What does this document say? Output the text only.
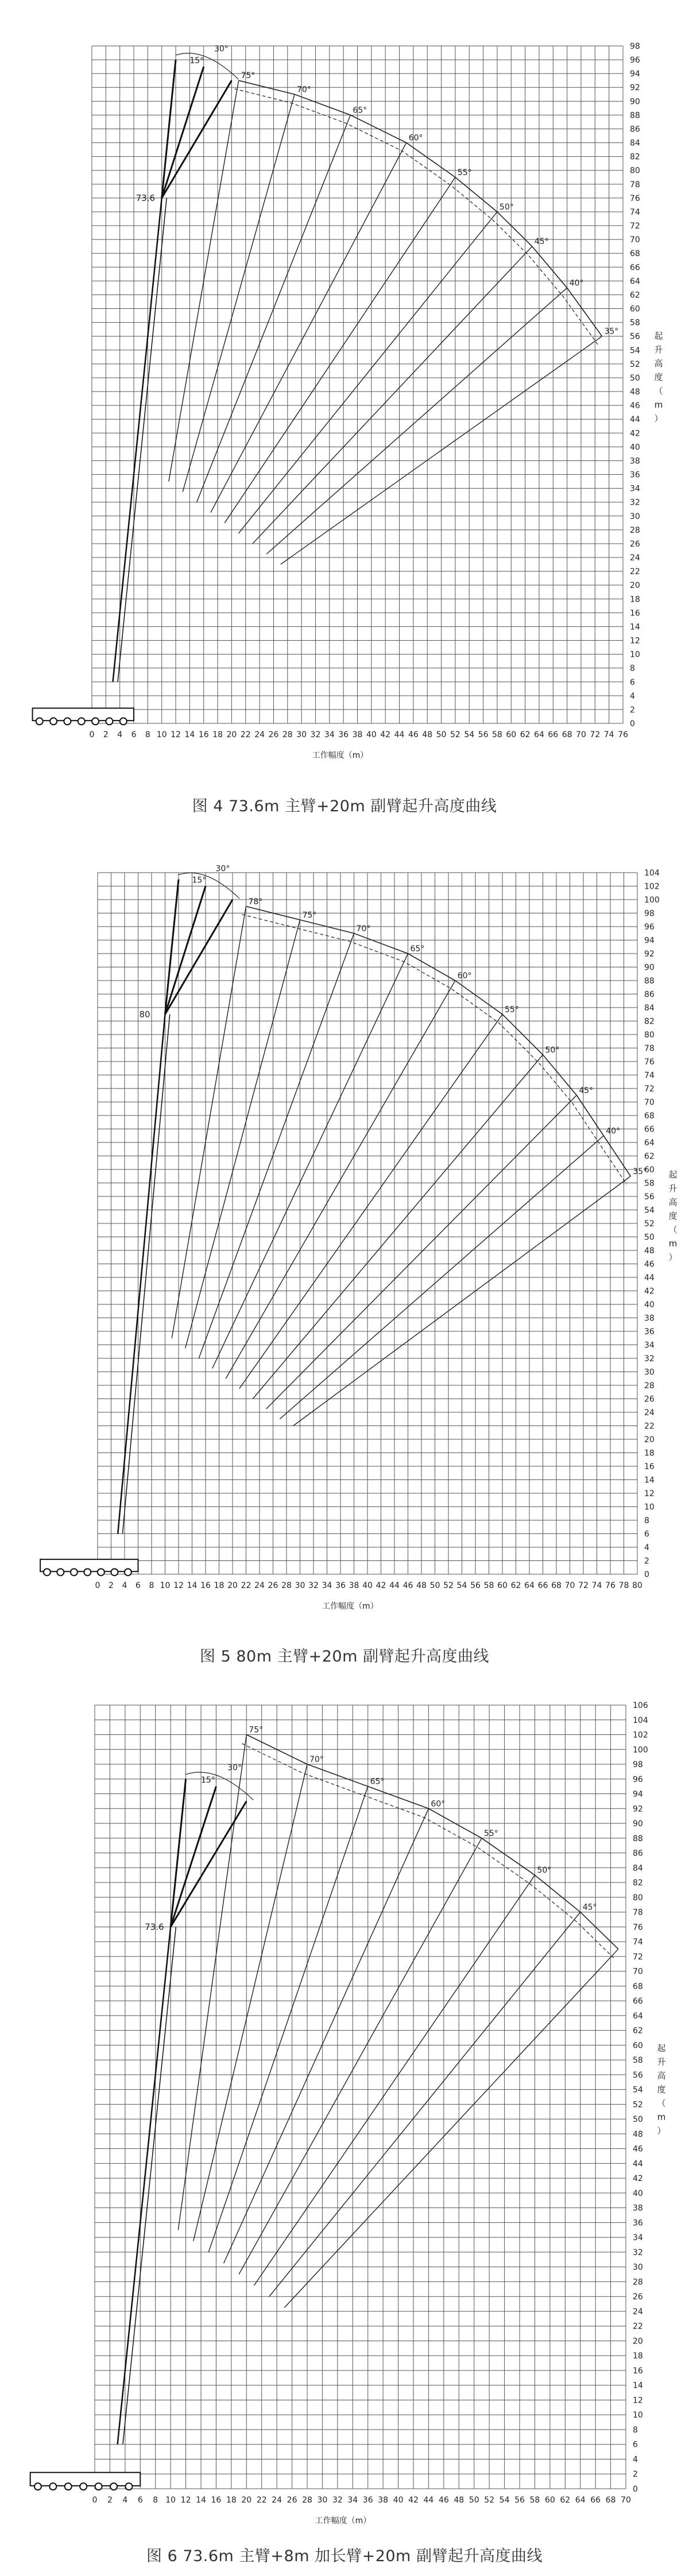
0 2 4 6 8 10 12 14 16 18 20 22 24 26 28 30 32 34 36 38 40 42 44 46 48 50 52 54 56 58 60 62 64 66 68 70 72 74 76
0
2
4
6
8
10
12
14
16
18
20
22
24
26
28
30
32
34
36
38
40
42
44
46
48
50
52
54
56
58
60
62
64
66
68
70
72
74
76
78
80
82
84
86
88
90
92
94
96
98
工作幅度（m）
起
升
高
度
（
m
）
75°
70°
65°
60°
55°
50°
45°
40°
35°
73.6
15°
30°
图 4 73.6m 主臂+20m 副臂起升高度曲线
0 2 4 6 8 10 12 14 16 18 20 22 24 26 28 30 32 34 36 38 40 42 44 46 48 50 52 54 56 58 60 62 64 66 68 70 72 74 76 78 80
0
2
4
6
8
10
12
14
16
18
20
22
24
26
28
30
32
34
36
38
40
42
44
46
48
50
52
54
56
58
60
62
64
66
68
70
72
74
76
78
80
82
84
86
88
90
92
94
96
98
100
102
104
工作幅度（m）
起
升
高
度
（
m
）
78°
75°
70°
65°
60°
55°
50°
45°
40°
35°
80
15°
30°
图 5 80m 主臂+20m 副臂起升高度曲线
0 2 4 6 8 10 12 14 16 18 20 22 24 26 28 30 32 34 36 38 40 42 44 46 48 50 52 54 56 58 60 62 64 66 68 70
0
2
4
6
8
10
12
14
16
18
20
22
24
26
28
30
32
34
36
38
40
42
44
46
48
50
52
54
56
58
60
62
64
66
68
70
72
74
76
78
80
82
84
86
88
90
92
94
96
98
100
102
104
106
工作幅度（m）
起
升
高
度
（
m
）
75°
70°
65°
60°
55°
50°
45°
73.6
15°
30°
图 6 73.6m 主臂+8m 加长臂+20m 副臂起升高度曲线
